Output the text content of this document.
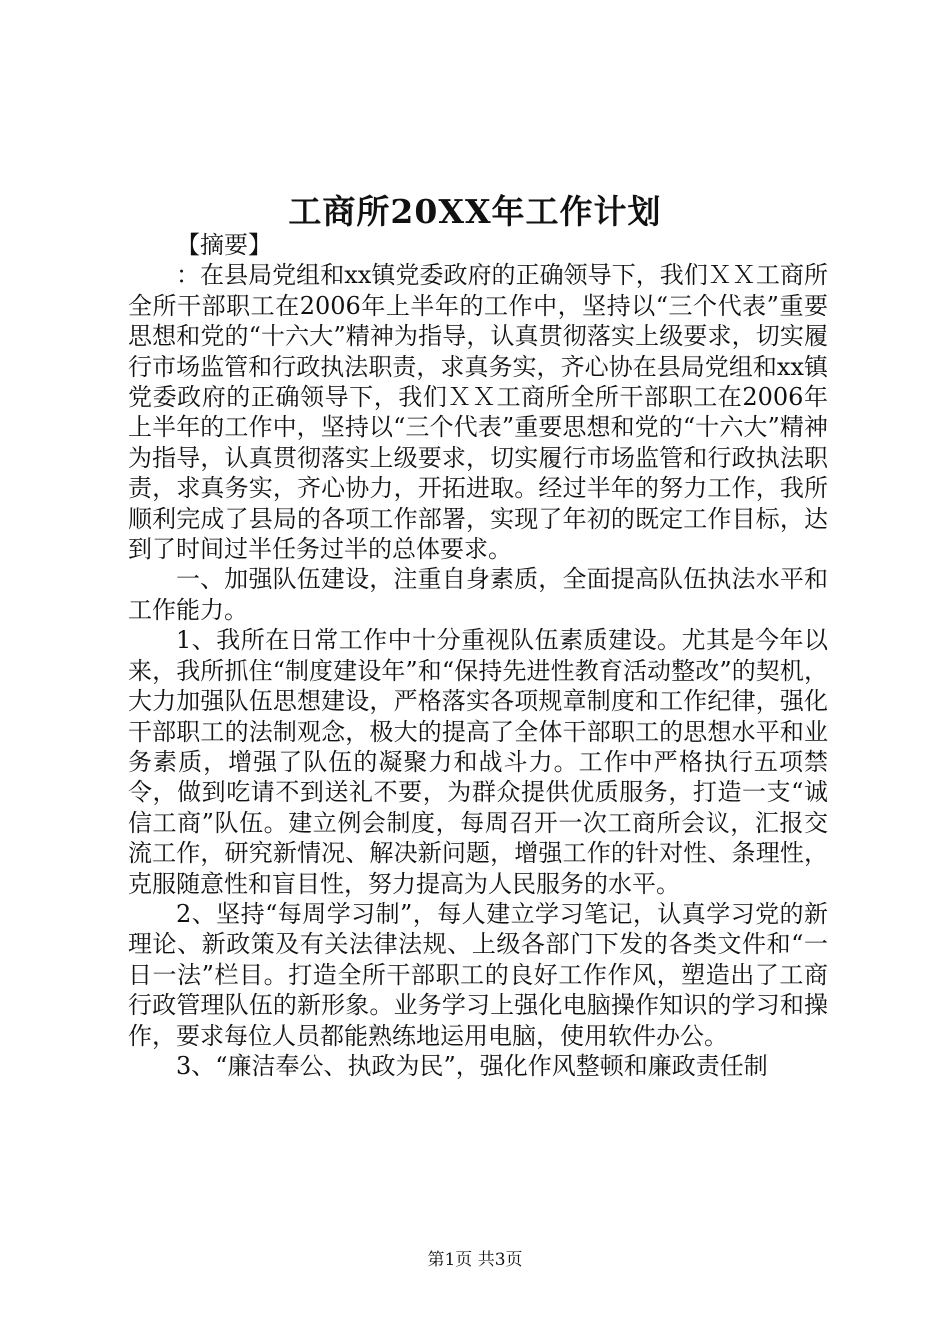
工商所20XX年工作计划

【摘要】

：在县局党组和xx镇党委政府的正确领导下，我们ＸＸ工商所全所干部职工在2006年上半年的工作中，坚持以“三个代表”重要思想和党的“十六大”精神为指导，认真贯彻落实上级要求，切实履行市场监管和行政执法职责，求真务实，齐心协在县局党组和xx镇党委政府的正确领导下，我们ＸＸ工商所全所干部职工在2006年上半年的工作中，坚持以“三个代表”重要思想和党的“十六大”精神为指导，认真贯彻落实上级要求，切实履行市场监管和行政执法职责，求真务实，齐心协力，开拓进取。经过半年的努力工作，我所顺利完成了县局的各项工作部署，实现了年初的既定工作目标，达到了时间过半任务过半的总体要求。

一、加强队伍建设，注重自身素质，全面提高队伍执法水平和工作能力。

1、我所在日常工作中十分重视队伍素质建设。尤其是今年以来，我所抓住“制度建设年”和“保持先进性教育活动整改”的契机，大力加强队伍思想建设，严格落实各项规章制度和工作纪律，强化干部职工的法制观念，极大的提高了全体干部职工的思想水平和业务素质，增强了队伍的凝聚力和战斗力。工作中严格执行五项禁令，做到吃请不到送礼不要，为群众提供优质服务，打造一支“诚信工商”队伍。建立例会制度，每周召开一次工商所会议，汇报交流工作，研究新情况、解决新问题，增强工作的针对性、条理性，克服随意性和盲目性，努力提高为人民服务的水平。

2、坚持“每周学习制”，每人建立学习笔记，认真学习党的新理论、新政策及有关法律法规、上级各部门下发的各类文件和“一日一法”栏目。打造全所干部职工的良好工作作风，塑造出了工商行政管理队伍的新形象。业务学习上强化电脑操作知识的学习和操作，要求每位人员都能熟练地运用电脑，使用软件办公。

3、“廉洁奉公、执政为民”，强化作风整顿和廉政责任制

第1页 共3页
